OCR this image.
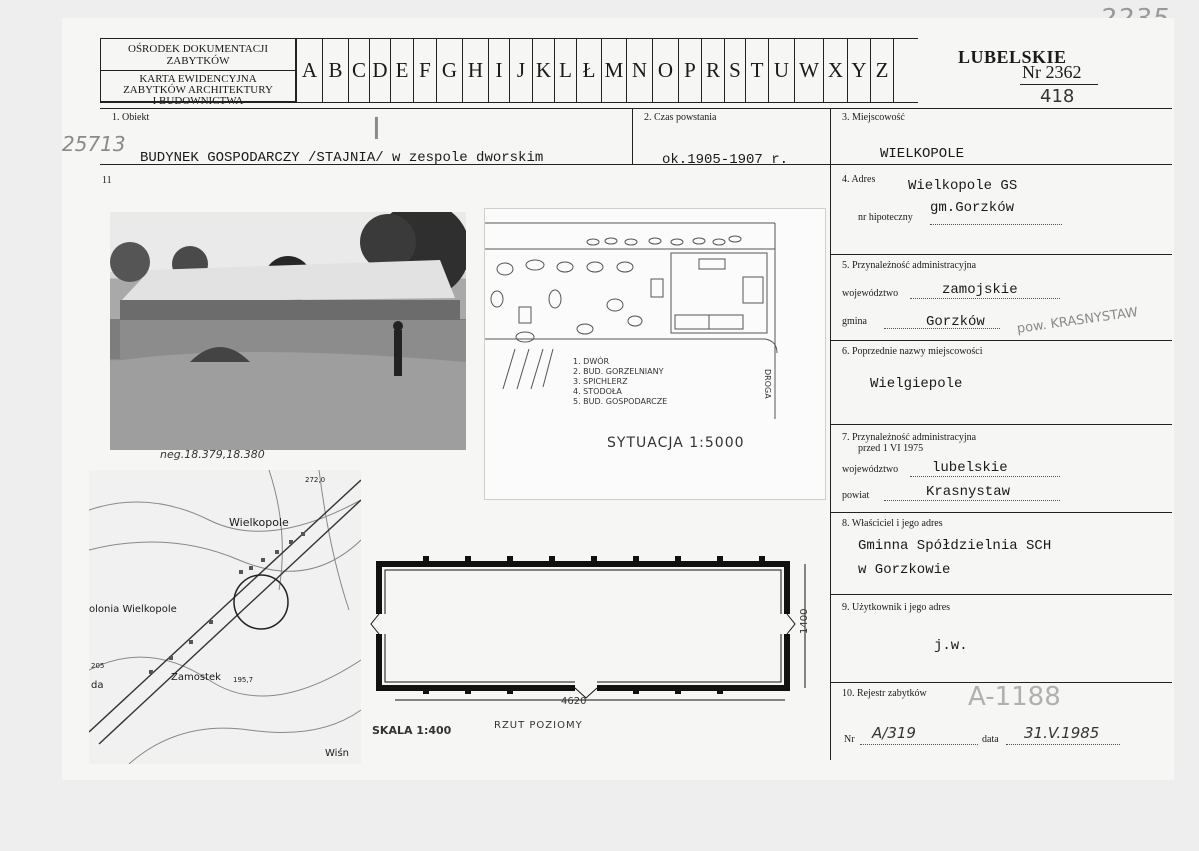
OŚRODEK DOKUMENTACJI
ZABYTKÓW
KARTA EWIDENCYJNA
ZABYTKÓW ARCHITEKTURY
I BUDOWNICTWA
A B C D E F G H I J K L Ł M N O P R S T U W X Y Z
LUBELSKIE
Nr 2362
418
1. Obiekt
25713	I
BUDYNEK GOSPODARCZY /STAJNIA/ w zespole dworskim
2. Czas powstania
ok.1905-1907 r.
3. Miejscowość
WIELKOPOLE
11
neg.18.379,18.380
DROGA
1. DWÓR
2. BUD. GORZELNIANY
3. SPICHLERZ
4. STODOŁA
5. BUD. GOSPODARCZE
SYTUACJA 1:5000
Wielkopole
olonia Wielkopole
Zamostek
Wiśn
272,0
195,7
205
da
4620
1400
SKALA 1:400	RZUT POZIOMY
4. Adres Wielkopole GS
gm.Gorzków
nr hipoteczny
5. Przynależność administracyjna
województwo	zamojskie
gmina	Gorzków pow. KRASNYSTAW
6. Poprzednie nazwy miejscowości
Wielgiepole
7. Przynależność administracyjna
przed 1 VI 1975
województwo lubelskie
powiat	Krasnystaw
8. Właściciel i jego adres
Gminna Spółdzielnia SCH
w Gorzkowie
9. Użytkownik i jego adres
j.w.
10. Rejestr zabytków A-1188
Nr A/319	data 31.V.1985
